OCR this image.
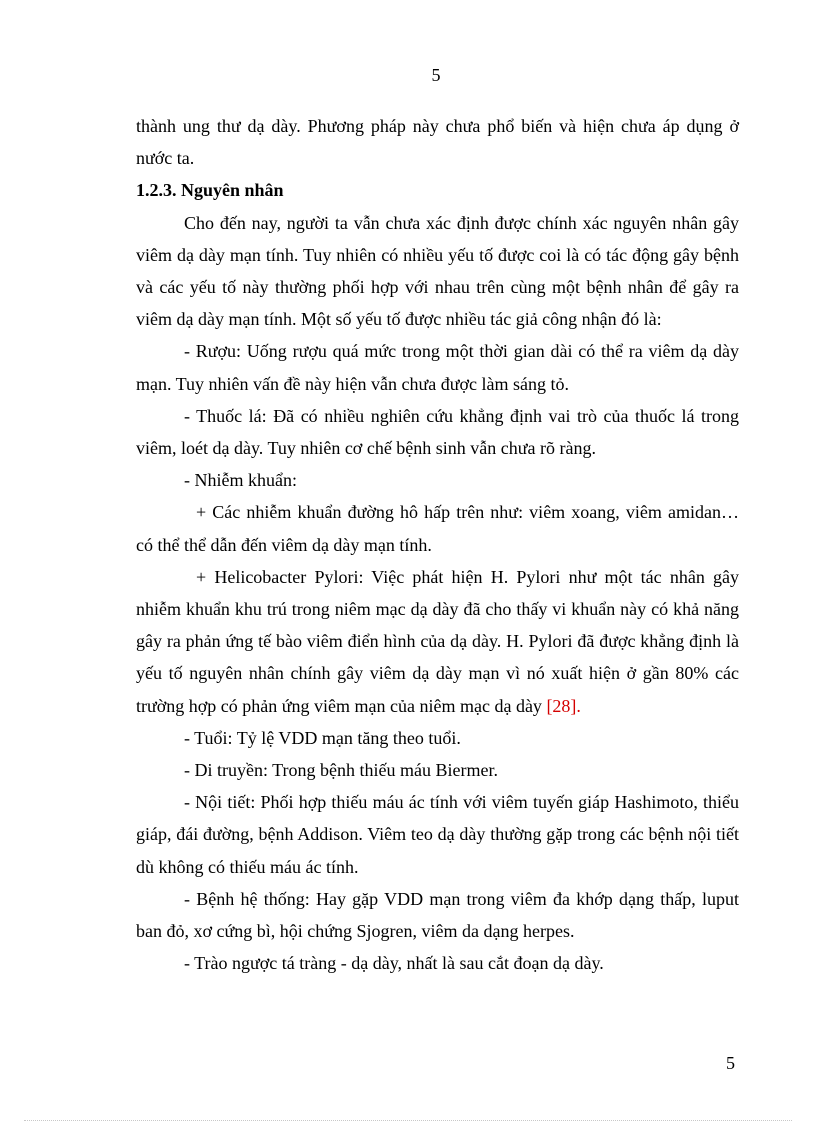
5

thành ung thư dạ dày. Phương pháp này chưa phổ biến và hiện chưa áp dụng ở nước ta.

1.2.3. Nguyên nhân

Cho đến nay, người ta vẫn chưa xác định được chính xác nguyên nhân gây viêm dạ dày mạn tính. Tuy nhiên có nhiều yếu tố được coi là có tác động gây bệnh và các yếu tố này thường phối hợp với nhau trên cùng một bệnh nhân để gây ra viêm dạ dày mạn tính. Một số yếu tố được nhiều tác giả công nhận đó là:

- Rượu: Uống rượu quá mức trong một thời gian dài có thể ra viêm dạ dày mạn. Tuy nhiên vấn đề này hiện vẫn chưa được làm sáng tỏ.

- Thuốc lá: Đã có nhiều nghiên cứu khẳng định vai trò của thuốc lá trong viêm, loét dạ dày. Tuy nhiên cơ chế bệnh sinh vẫn chưa rõ ràng.

- Nhiễm khuẩn:

+ Các nhiễm khuẩn đường hô hấp trên như: viêm xoang, viêm amidan… có thể thể dẫn đến viêm dạ dày mạn tính.

+ Helicobacter Pylori: Việc phát hiện H. Pylori như một tác nhân gây nhiễm khuẩn khu trú trong niêm mạc dạ dày đã cho thấy vi khuẩn này có khả năng gây ra phản ứng tế bào viêm điển hình của dạ dày. H. Pylori đã được khẳng định là yếu tố nguyên nhân chính gây viêm dạ dày mạn vì nó xuất hiện ở gần 80% các trường hợp có phản ứng viêm mạn của niêm mạc dạ dày [28].

- Tuổi: Tỷ lệ VDD mạn tăng theo tuổi.

- Di truyền: Trong bệnh thiếu máu Biermer.

- Nội tiết: Phối hợp thiếu máu ác tính với viêm tuyến giáp Hashimoto, thiểu giáp, đái đường, bệnh Addison. Viêm teo dạ dày thường gặp trong các bệnh nội tiết dù không có thiếu máu ác tính.

- Bệnh hệ thống: Hay gặp VDD mạn trong viêm đa khớp dạng thấp, luput ban đỏ, xơ cứng bì, hội chứng Sjogren, viêm da dạng herpes.

- Trào ngược tá tràng - dạ dày, nhất là sau cắt đoạn dạ dày.

5
